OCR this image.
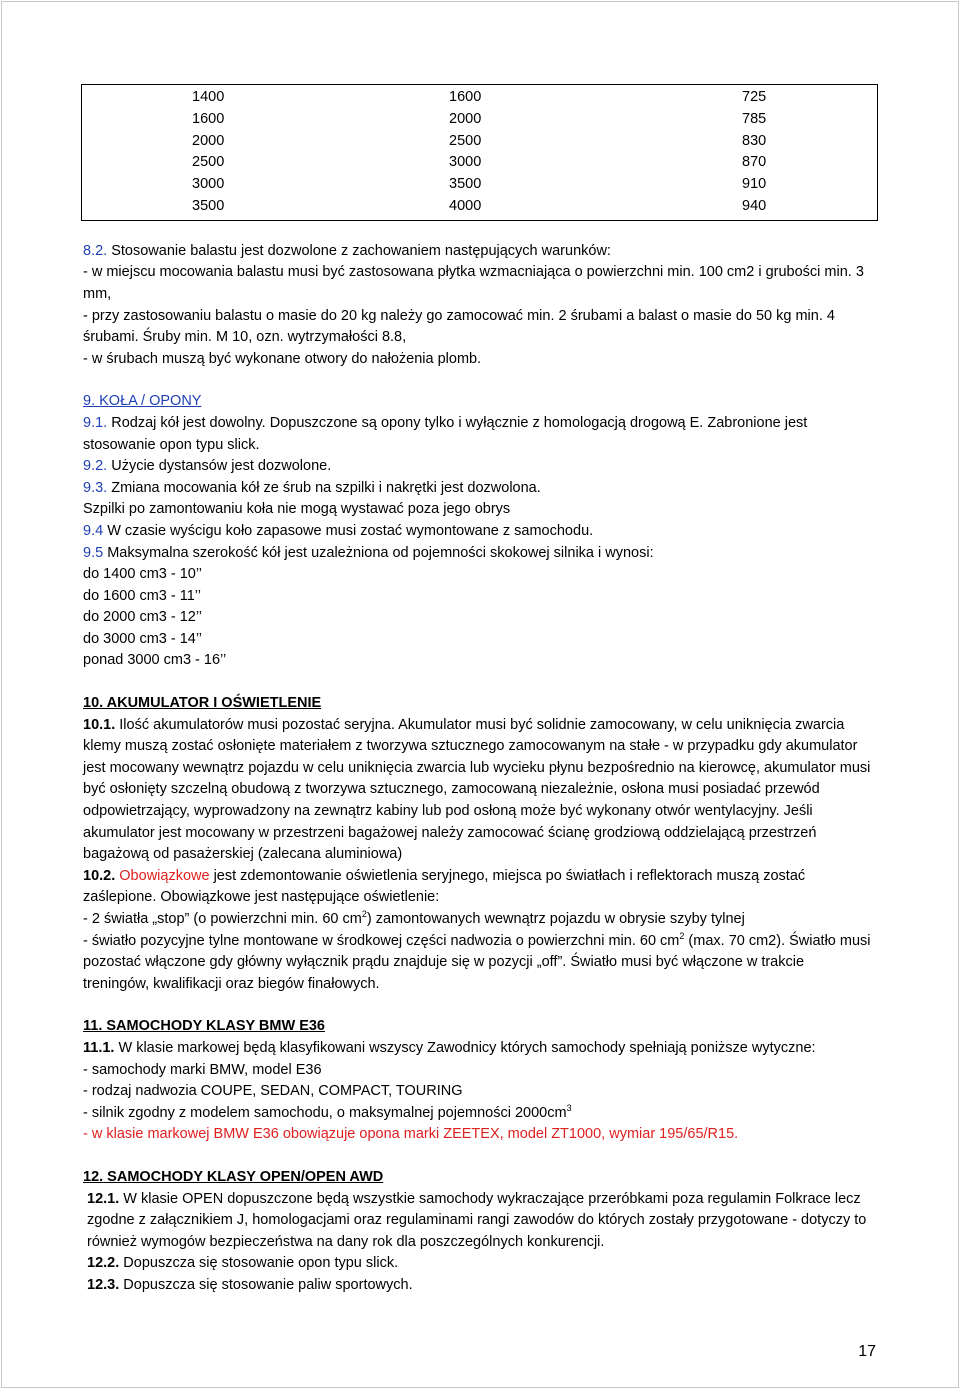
1400	1600	725
1600	2000	785
2000	2500	830
2500	3000	870
3000	3500	910
3500	4000	940

8.2. Stosowanie balastu jest dozwolone z zachowaniem następujących warunków:
- w miejscu mocowania balastu musi być zastosowana płytka wzmacniająca o powierzchni min. 100 cm2 i grubości min. 3 mm,
- przy zastosowaniu balastu o masie do 20 kg należy go zamocować min. 2 śrubami a balast o masie do 50 kg min. 4 śrubami. Śruby min. M 10, ozn. wytrzymałości 8.8,
- w śrubach muszą być wykonane otwory do nałożenia plomb.

9. KOŁA / OPONY
9.1. Rodzaj kół jest dowolny. Dopuszczone są opony tylko i wyłącznie z homologacją drogową E. Zabronione jest stosowanie opon typu slick.
9.2. Użycie dystansów jest dozwolone.
9.3. Zmiana mocowania kół ze śrub na szpilki i nakrętki jest dozwolona.
Szpilki po zamontowaniu koła nie mogą wystawać poza jego obrys
9.4 W czasie wyścigu koło zapasowe musi zostać wymontowane z samochodu.
9.5 Maksymalna szerokość kół jest uzależniona od pojemności skokowej silnika i wynosi:
do 1400 cm3 - 10’’
do 1600 cm3 - 11’’
do 2000 cm3 - 12’’
do 3000 cm3 - 14’’
ponad 3000 cm3 - 16’’

10. AKUMULATOR I OŚWIETLENIE
10.1. Ilość akumulatorów musi pozostać seryjna. Akumulator musi być solidnie zamocowany, w celu uniknięcia zwarcia klemy muszą zostać osłonięte materiałem z tworzywa sztucznego zamocowanym na stałe - w przypadku gdy akumulator jest mocowany wewnątrz pojazdu w celu uniknięcia zwarcia lub wycieku płynu bezpośrednio na kierowcę, akumulator musi być osłonięty szczelną obudową z tworzywa sztucznego, zamocowaną niezależnie, osłona musi posiadać przewód odpowietrzający, wyprowadzony na zewnątrz kabiny lub pod osłoną może być wykonany otwór wentylacyjny. Jeśli akumulator jest mocowany w przestrzeni bagażowej należy zamocować ścianę grodziową oddzielającą przestrzeń bagażową od pasażerskiej (zalecana aluminiowa)
10.2. Obowiązkowe jest zdemontowanie oświetlenia seryjnego, miejsca po światłach i reflektorach muszą zostać zaślepione. Obowiązkowe jest następujące oświetlenie:
- 2 światła „stop” (o powierzchni min. 60 $cm^2$) zamontowanych wewnątrz pojazdu w obrysie szyby tylnej
- światło pozycyjne tylne montowane w środkowej części nadwozia o powierzchni min. 60 $cm^2$ (max. 70 cm2). Światło musi pozostać włączone gdy główny wyłącznik prądu znajduje się w pozycji „off”. Światło musi być włączone w trakcie treningów, kwalifikacji oraz biegów finałowych.

11. SAMOCHODY KLASY BMW E36
11.1. W klasie markowej będą klasyfikowani wszyscy Zawodnicy których samochody spełniają poniższe wytyczne:
- samochody marki BMW, model E36
- rodzaj nadwozia COUPE, SEDAN, COMPACT, TOURING
- silnik zgodny z modelem samochodu, o maksymalnej pojemności $2000cm^3$
- w klasie markowej BMW E36 obowiązuje opona marki ZEETEX, model ZT1000, wymiar 195/65/R15.

12. SAMOCHODY KLASY OPEN/OPEN AWD

12.1. W klasie OPEN dopuszczone będą wszystkie samochody wykraczające przeróbkami poza regulamin Folkrace lecz zgodne z załącznikiem J, homologacjami oraz regulaminami rangi zawodów do których zostały przygotowane - dotyczy to również wymogów bezpieczeństwa na dany rok dla poszczególnych konkurencji.
12.2. Dopuszcza się stosowanie opon typu slick.
12.3. Dopuszcza się stosowanie paliw sportowych.

17
